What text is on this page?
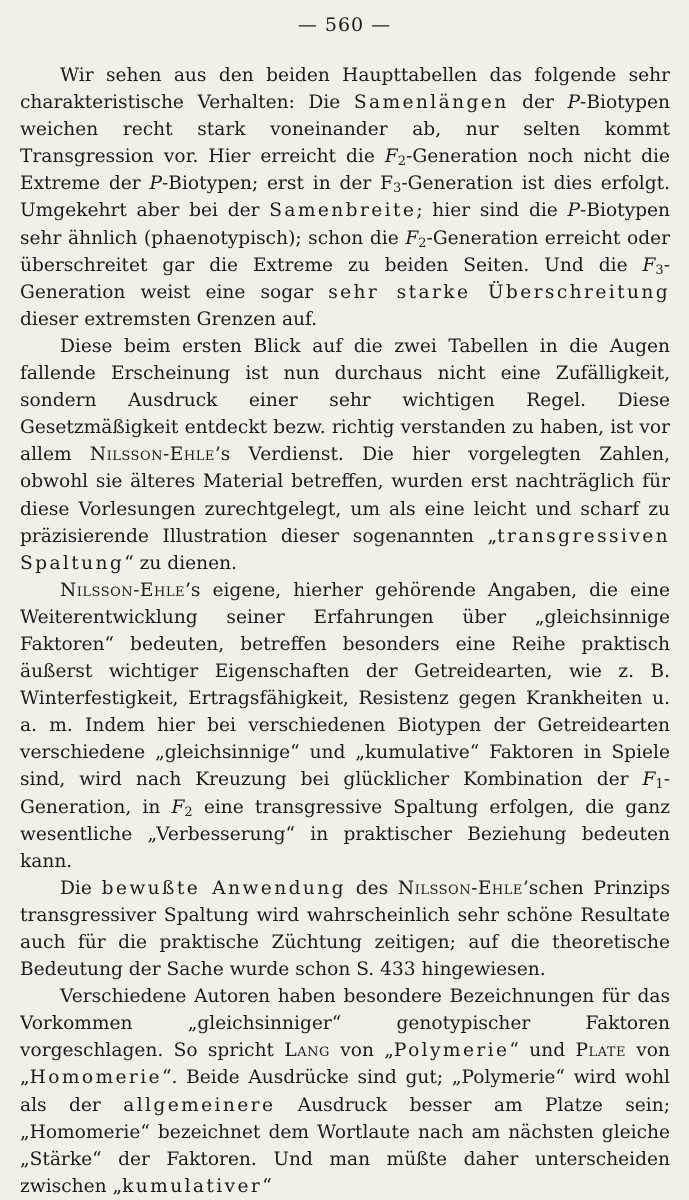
— 560 —

Wir sehen aus den beiden Haupttabellen das folgende sehr charakteristische Verhalten: Die Samenlängen der P-Biotypen weichen recht stark voneinander ab, nur selten kommt Transgression vor. Hier erreicht die $F_2$-Generation noch nicht die Extreme der P-Biotypen; erst in der $F_3$-Generation ist dies erfolgt. Umgekehrt aber bei der Samenbreite; hier sind die P-Biotypen sehr ähnlich (phaenotypisch); schon die $F_2$-Generation erreicht oder überschreitet gar die Extreme zu beiden Seiten. Und die $F_3$-Generation weist eine sogar sehr starke Überschreitung dieser extremsten Grenzen auf.

Diese beim ersten Blick auf die zwei Tabellen in die Augen fallende Erscheinung ist nun durchaus nicht eine Zufälligkeit, sondern Ausdruck einer sehr wichtigen Regel. Diese Gesetzmäßigkeit entdeckt bezw. richtig verstanden zu haben, ist vor allem Nilsson-Ehle’s Verdienst. Die hier vorgelegten Zahlen, obwohl sie älteres Material betreffen, wurden erst nachträglich für diese Vorlesungen zurechtgelegt, um als eine leicht und scharf zu präzisierende Illustration dieser sogenannten „transgressiven Spaltung“ zu dienen.

Nilsson-Ehle’s eigene, hierher gehörende Angaben, die eine Weiterentwicklung seiner Erfahrungen über „gleichsinnige Faktoren“ bedeuten, betreffen besonders eine Reihe praktisch äußerst wichtiger Eigenschaften der Getreidearten, wie z. B. Winterfestigkeit, Ertragsfähigkeit, Resistenz gegen Krankheiten u. a. m. Indem hier bei verschiedenen Biotypen der Getreidearten verschiedene „gleichsinnige“ und „kumulative“ Faktoren in Spiele sind, wird nach Kreuzung bei glücklicher Kombination der $F_1$-Generation, in $F_2$ eine transgressive Spaltung erfolgen, die ganz wesentliche „Verbesserung“ in praktischer Beziehung bedeuten kann.

Die bewußte Anwendung des Nilsson-Ehle’schen Prinzips transgressiver Spaltung wird wahrscheinlich sehr schöne Resultate auch für die praktische Züchtung zeitigen; auf die theoretische Bedeutung der Sache wurde schon S. 433 hingewiesen.

Verschiedene Autoren haben besondere Bezeichnungen für das Vorkommen „gleichsinniger“ genotypischer Faktoren vorgeschlagen. So spricht Lang von „Polymerie“ und Plate von „Homomerie“. Beide Ausdrücke sind gut; „Polymerie“ wird wohl als der allgemeinere Ausdruck besser am Platze sein; „Homomerie“ bezeichnet dem Wortlaute nach am nächsten gleiche „Stärke“ der Faktoren. Und man müßte daher unterscheiden zwischen „kumulativer“
